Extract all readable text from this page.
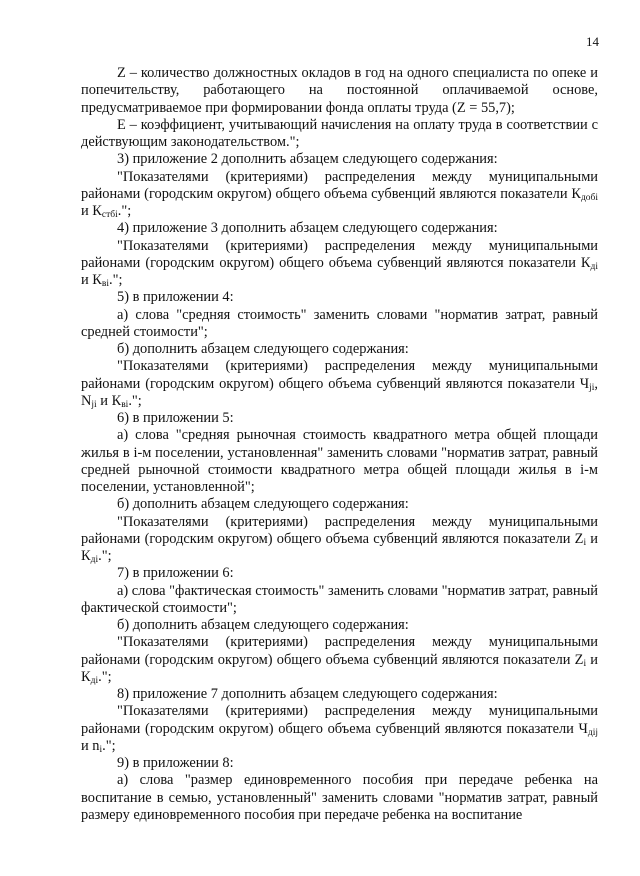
14

Z – количество должностных окладов в год на одного специалиста по опеке и попечительству, работающего на постоянной оплачиваемой основе, предусматриваемое при формировании фонда оплаты труда (Z = 55,7);

Е – коэффициент, учитывающий начисления на оплату труда в соответствии с действующим законодательством.";

3) приложение 2 дополнить абзацем следующего содержания:

"Показателями (критериями) распределения между муниципальными районами (городским округом) общего объема субвенций являются показатели $К_{добi}$ и $К_{стбi}$.";

4) приложение 3 дополнить абзацем следующего содержания:

"Показателями (критериями) распределения между муниципальными районами (городским округом) общего объема субвенций являются показатели $К_{дi}$ и $К_{вi}$.";

5) в приложении 4:

а) слова "средняя стоимость" заменить словами "норматив затрат, равный средней стоимости";

б) дополнить абзацем следующего содержания:

"Показателями (критериями) распределения между муниципальными районами (городским округом) общего объема субвенций являются показатели $Ч_{ji}$, $N_{ji}$ и $К_{вi}$.";

6) в приложении 5:

а) слова "средняя рыночная стоимость квадратного метра общей площади жилья в i-м поселении, установленная" заменить словами "норматив затрат, равный средней рыночной стоимости квадратного метра общей площади жилья в i-м поселении, установленной";

б) дополнить абзацем следующего содержания:

"Показателями (критериями) распределения между муниципальными районами (городским округом) общего объема субвенций являются показатели $Z_i$ и $К_{дi}$.";

7) в приложении 6:

а) слова "фактическая стоимость" заменить словами "норматив затрат, равный фактической стоимости";

б) дополнить абзацем следующего содержания:

"Показателями (критериями) распределения между муниципальными районами (городским округом) общего объема субвенций являются показатели $Z_i$ и $К_{дi}$.";

8) приложение 7 дополнить абзацем следующего содержания:

"Показателями (критериями) распределения между муниципальными районами (городским округом) общего объема субвенций являются показатели $Ч_{дij}$ и $n_i$.";

9) в приложении 8:

а) слова "размер единовременного пособия при передаче ребенка на воспитание в семью, установленный" заменить словами "норматив затрат, равный размеру единовременного пособия при передаче ребенка на воспитание
